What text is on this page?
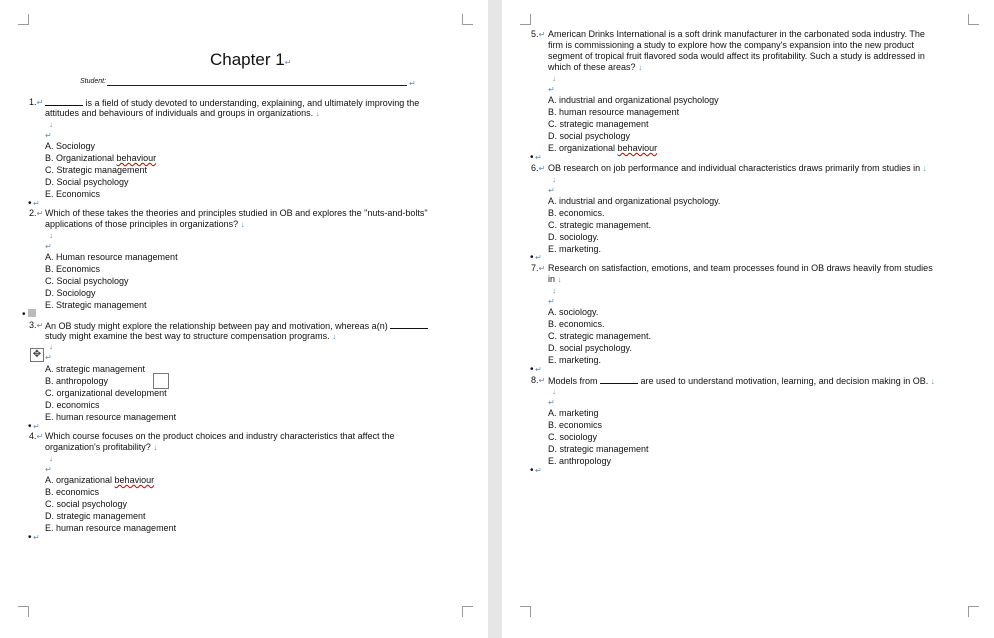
Chapter 1↵
Student:	↵
1.↵	is a field of study devoted to understanding, explaining, and ultimately improving the
attitudes and behaviours of individuals and groups in organizations. ↓
↓
↵
A. Sociology
B. Organizational behaviour
C. Strategic management
D. Social psychology
E. Economics
• ↵
2.↵ Which of these takes the theories and principles studied in OB and explores the "nuts-and-bolts"
applications of those principles in organizations? ↓
↓
↵
A. Human resource management
B. Economics
C. Social psychology
D. Sociology
E. Strategic management
•
3.↵ An OB study might explore the relationship between pay and motivation, whereas a(n)
study might examine the best way to structure compensation programs. ↓
✥
↓
↵
A. strategic management
B. anthropology
C. organizational development
D. economics
E. human resource management
• ↵
4.↵ Which course focuses on the product choices and industry characteristics that affect the
organization's profitability? ↓
↓
↵
A. organizational behaviour
B. economics
C. social psychology
D. strategic management
E. human resource management
• ↵
5.↵ American Drinks International is a soft drink manufacturer in the carbonated soda industry. The
firm is commissioning a study to explore how the company's expansion into the new product
segment of tropical fruit flavored soda would affect its profitability. Such a study is addressed in
which of these areas? ↓
↓
↵
A. industrial and organizational psychology
B. human resource management
C. strategic management
D. social psychology
E. organizational behaviour
• ↵
6.↵ OB research on job performance and individual characteristics draws primarily from studies in ↓
↓
↵
A. industrial and organizational psychology.
B. economics.
C. strategic management.
D. sociology.
E. marketing.
• ↵
7.↵ Research on satisfaction, emotions, and team processes found in OB draws heavily from studies
in ↓
↓
↵
A. sociology.
B. economics.
C. strategic management.
D. social psychology.
E. marketing.
• ↵
8.↵ Models from	are used to understand motivation, learning, and decision making in OB. ↓
↓
↵
A. marketing
B. economics
C. sociology
D. strategic management
E. anthropology
• ↵
